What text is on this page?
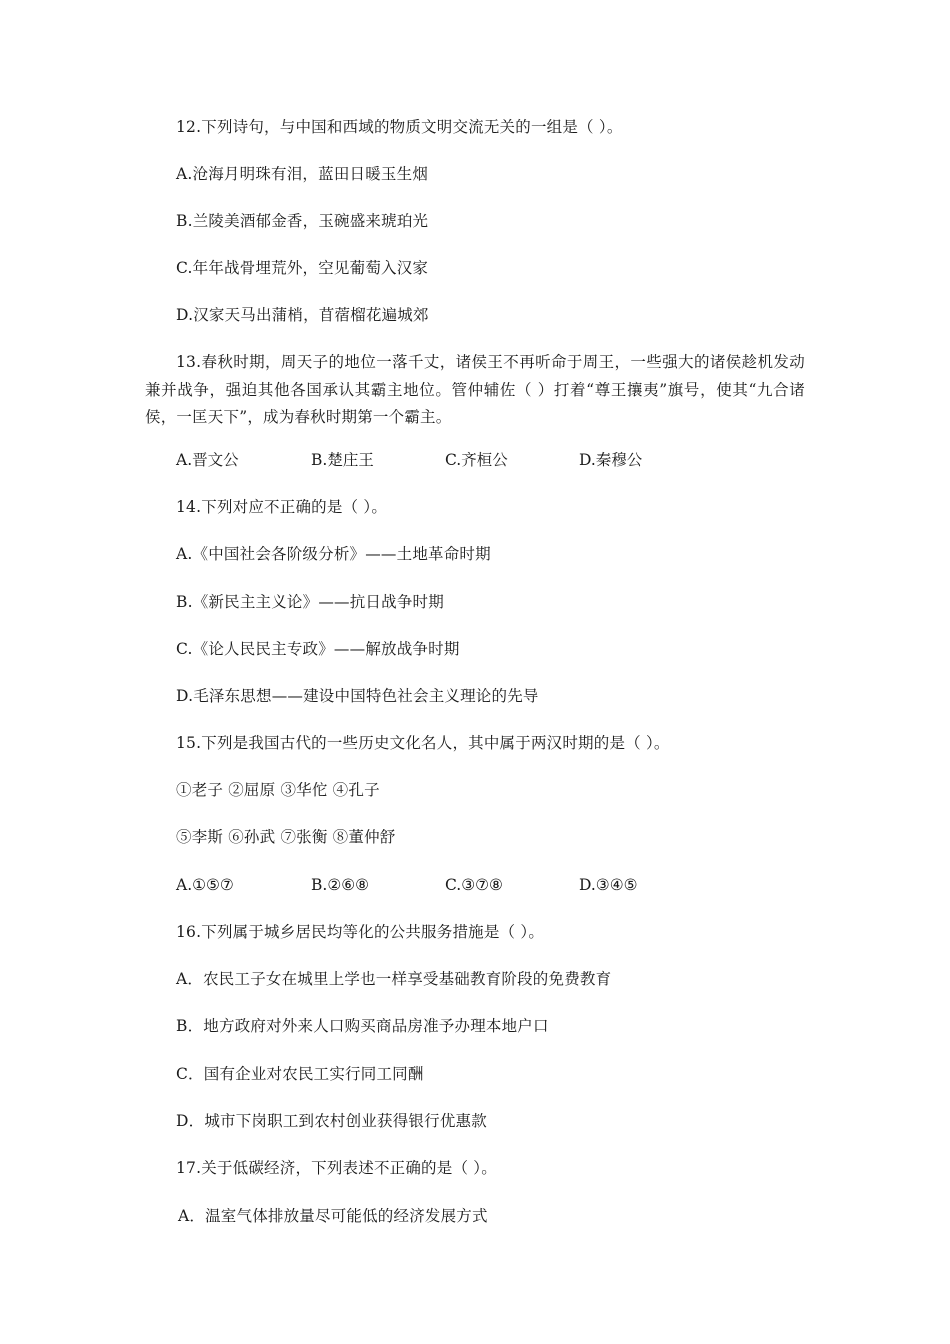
12.下列诗句，与中国和西域的物质文明交流无关的一组是（ ）。
A.沧海月明珠有泪，蓝田日暖玉生烟
B.兰陵美酒郁金香，玉碗盛来琥珀光
C.年年战骨埋荒外，空见葡萄入汉家
D.汉家天马出蒲梢，苜蓿榴花遍城郊
13.春秋时期，周天子的地位一落千丈，诸侯王不再听命于周王，一些强大的诸侯趁机发动兼并战争，强迫其他各国承认其霸主地位。管仲辅佐（ ）打着“尊王攘夷”旗号，使其“九合诸侯，一匡天下”，成为春秋时期第一个霸主。
A.晋文公	B.楚庄王	C.齐桓公	D.秦穆公
14.下列对应不正确的是（ ）。
A.《中国社会各阶级分析》——土地革命时期
B.《新民主主义论》——抗日战争时期
C.《论人民民主专政》——解放战争时期
D.毛泽东思想——建设中国特色社会主义理论的先导
15.下列是我国古代的一些历史文化名人，其中属于两汉时期的是（ ）。
①老子 ②屈原 ③华佗 ④孔子
⑤李斯 ⑥孙武 ⑦张衡 ⑧董仲舒
A.①⑤⑦	B.②⑥⑧	C.③⑦⑧	D.③④⑤
16.下列属于城乡居民均等化的公共服务措施是（ ）。
A．农民工子女在城里上学也一样享受基础教育阶段的免费教育
B．地方政府对外来人口购买商品房准予办理本地户口
C．国有企业对农民工实行同工同酬
D．城市下岗职工到农村创业获得银行优惠款
17.关于低碳经济，下列表述不正确的是（ ）。
A．温室气体排放量尽可能低的经济发展方式
